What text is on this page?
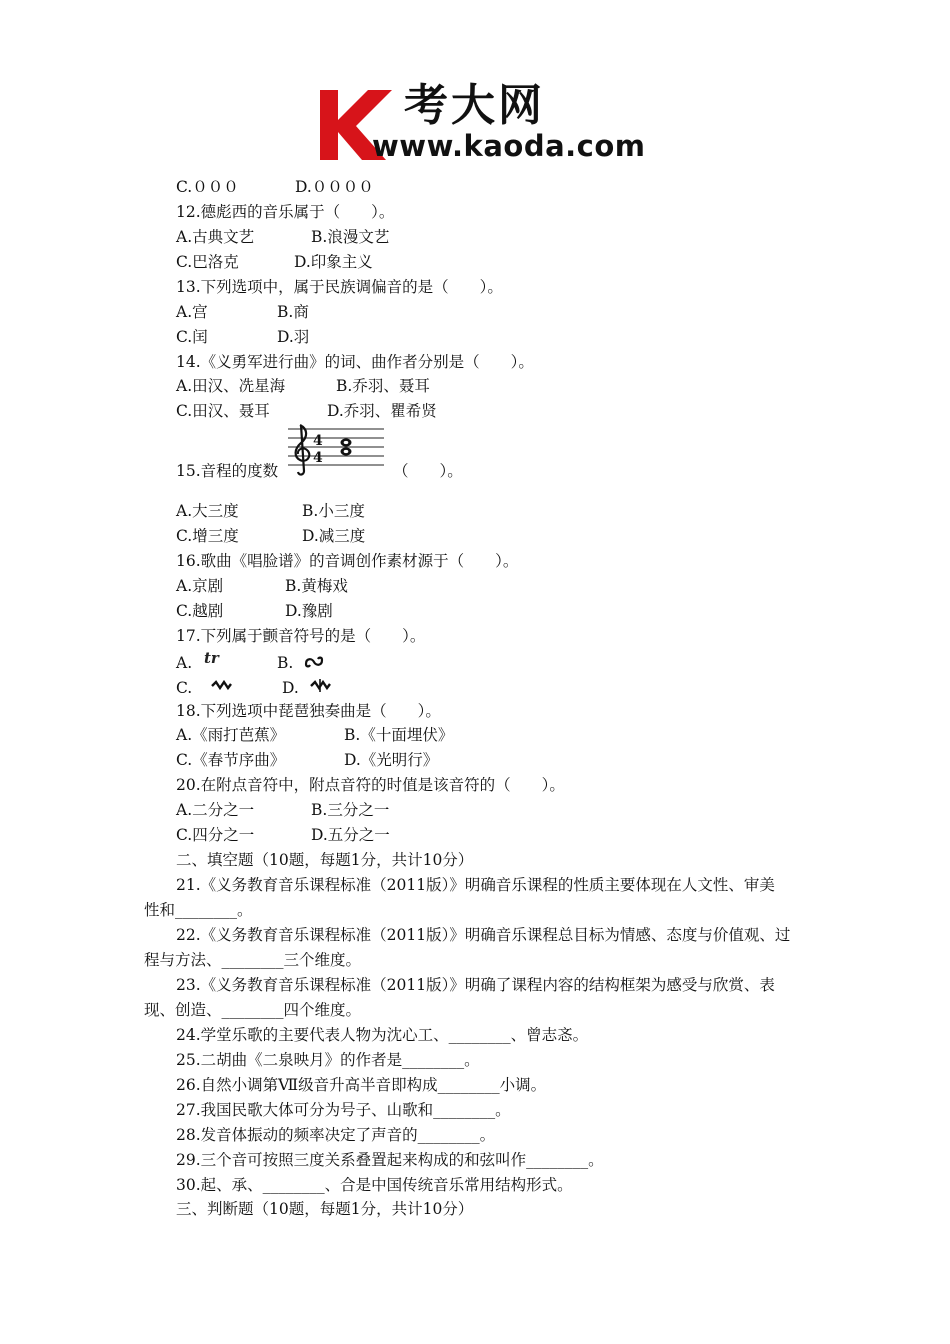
考大网
www.kaoda.com
C.０００	D.００００
12.德彪西的音乐属于（　　）。
A.古典文艺	B.浪漫文艺
C.巴洛克	D.印象主义
13.下列选项中，属于民族调偏音的是（　　）。
A.宫	B.商
C.闰	D.羽
14.《义勇军进行曲》的词、曲作者分别是（　　）。
A.田汉、冼星海	B.乔羽、聂耳
C.田汉、聂耳	D.乔羽、瞿希贤
15.音程的度数
4
4
（　　）。
A.大三度	B.小三度
C.增三度	D.减三度
16.歌曲《唱脸谱》的音调创作素材源于（　　）。
A.京剧	B.黄梅戏
C.越剧	D.豫剧
17.下列属于颤音符号的是（　　）。
A. tr	B.
C.	D.
18.下列选项中琵琶独奏曲是（　　）。
A.《雨打芭蕉》	B.《十面埋伏》
C.《春节序曲》	D.《光明行》
20.在附点音符中，附点音符的时值是该音符的（　　）。
A.二分之一	B.三分之一
C.四分之一	D.五分之一
二、填空题（10题，每题1分，共计10分）
21.《义务教育音乐课程标准（2011版）》明确音乐课程的性质主要体现在人文性、审美
性和________。
22.《义务教育音乐课程标准（2011版）》明确音乐课程总目标为情感、态度与价值观、过
程与方法、________三个维度。
23.《义务教育音乐课程标准（2011版）》明确了课程内容的结构框架为感受与欣赏、表
现、创造、________四个维度。
24.学堂乐歌的主要代表人物为沈心工、________、曾志忞。
25.二胡曲《二泉映月》的作者是________。
26.自然小调第Ⅶ级音升高半音即构成________小调。
27.我国民歌大体可分为号子、山歌和________。
28.发音体振动的频率决定了声音的________。
29.三个音可按照三度关系叠置起来构成的和弦叫作________。
30.起、承、________、合是中国传统音乐常用结构形式。
三、判断题（10题，每题1分，共计10分）
